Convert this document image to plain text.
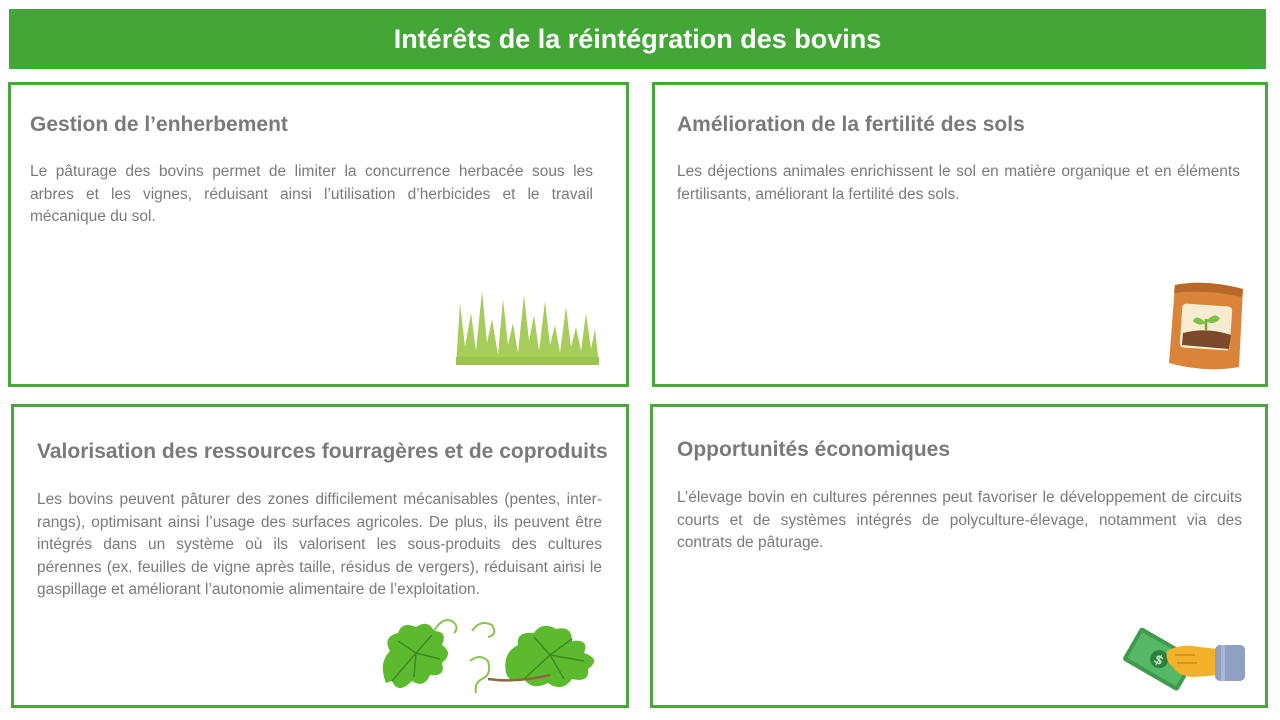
Intérêts de la réintégration des bovins
Gestion de l’enherbement

Le pâturage des bovins permet de limiter la concurrence herbacée sous les arbres et les vignes, réduisant ainsi l’utilisation d’herbicides et le travail mécanique du sol.

Amélioration de la fertilité des sols

Les déjections animales enrichissent le sol en matière organique et en éléments fertilisants, améliorant la fertilité des sols.

Valorisation des ressources fourragères et de coproduits

Les bovins peuvent pâturer des zones difficilement mécanisables (pentes, inter-rangs), optimisant ainsi l’usage des surfaces agricoles. De plus, ils peuvent être intégrés dans un système où ils valorisent les sous-produits des cultures pérennes (ex. feuilles de vigne après taille, résidus de vergers), réduisant ainsi le gaspillage et améliorant l’autonomie alimentaire de l’exploitation.

Opportunités économiques

L’élevage bovin en cultures pérennes peut favoriser le développement de circuits courts et de systèmes intégrés de polyculture-élevage, notamment via des contrats de pâturage.

$
